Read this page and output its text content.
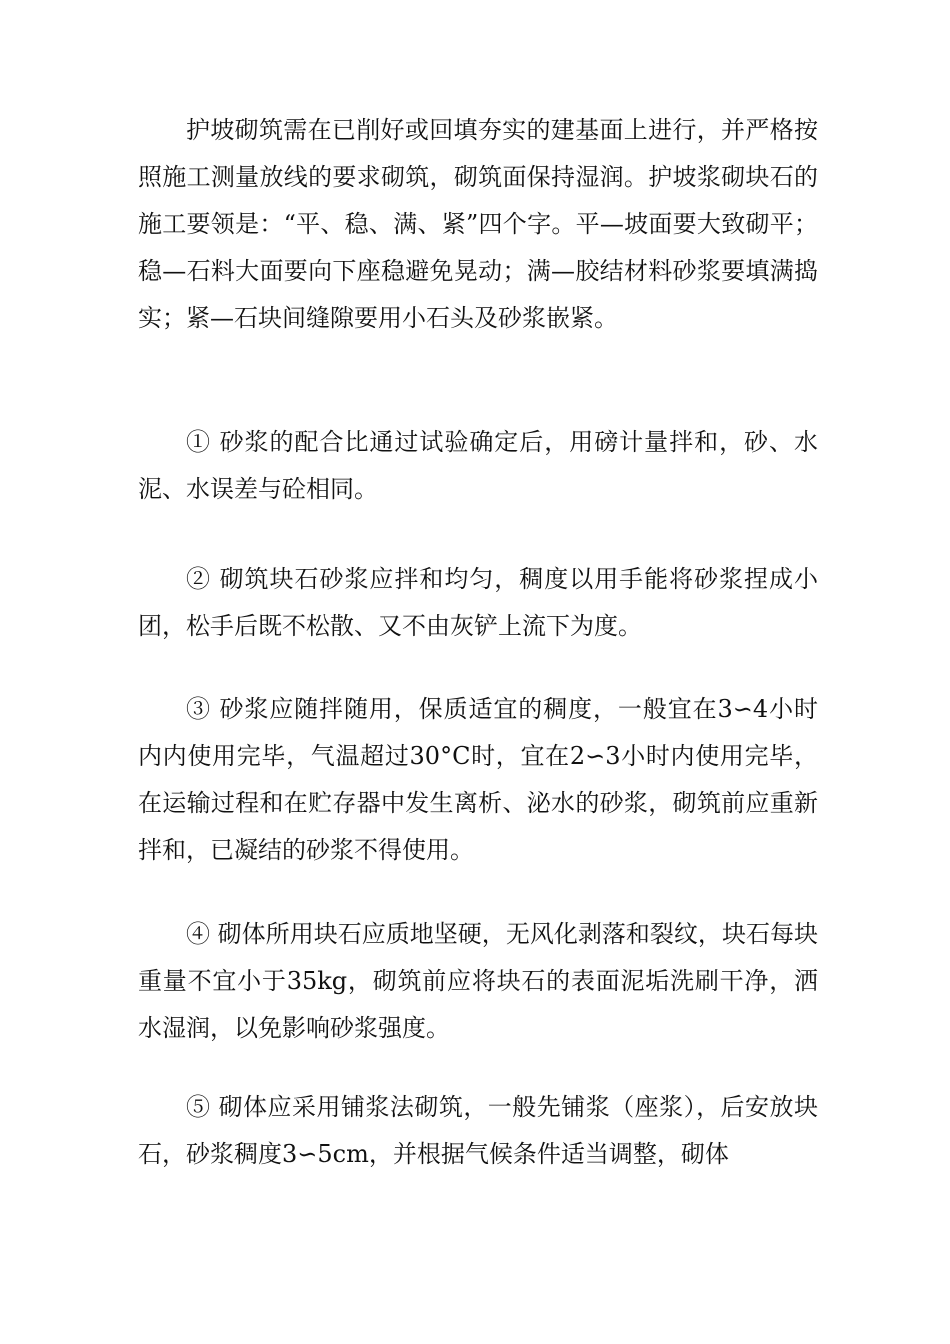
护坡砌筑需在已削好或回填夯实的建基面上进行，并严格按照施工测量放线的要求砌筑，砌筑面保持湿润。护坡浆砌块石的施工要领是：“平、稳、满、紧”四个字。平—坡面要大致砌平；稳—石料大面要向下座稳避免晃动；满—胶结材料砂浆要填满捣实；紧—石块间缝隙要用小石头及砂浆嵌紧。

① 砂浆的配合比通过试验确定后，用磅计量拌和，砂、水泥、水误差与砼相同。

② 砌筑块石砂浆应拌和均匀，稠度以用手能将砂浆捏成小团，松手后既不松散、又不由灰铲上流下为度。

③ 砂浆应随拌随用，保质适宜的稠度，一般宜在3∽4小时内内使用完毕，气温超过30°C时，宜在2∽3小时内使用完毕，在运输过程和在贮存器中发生离析、泌水的砂浆，砌筑前应重新拌和，已凝结的砂浆不得使用。

④ 砌体所用块石应质地坚硬，无风化剥落和裂纹，块石每块重量不宜小于35kg，砌筑前应将块石的表面泥垢洗刷干净，洒水湿润，以免影响砂浆强度。

⑤ 砌体应采用铺浆法砌筑，一般先铺浆（座浆），后安放块石，砂浆稠度3∽5cm，并根据气候条件适当调整，砌体
